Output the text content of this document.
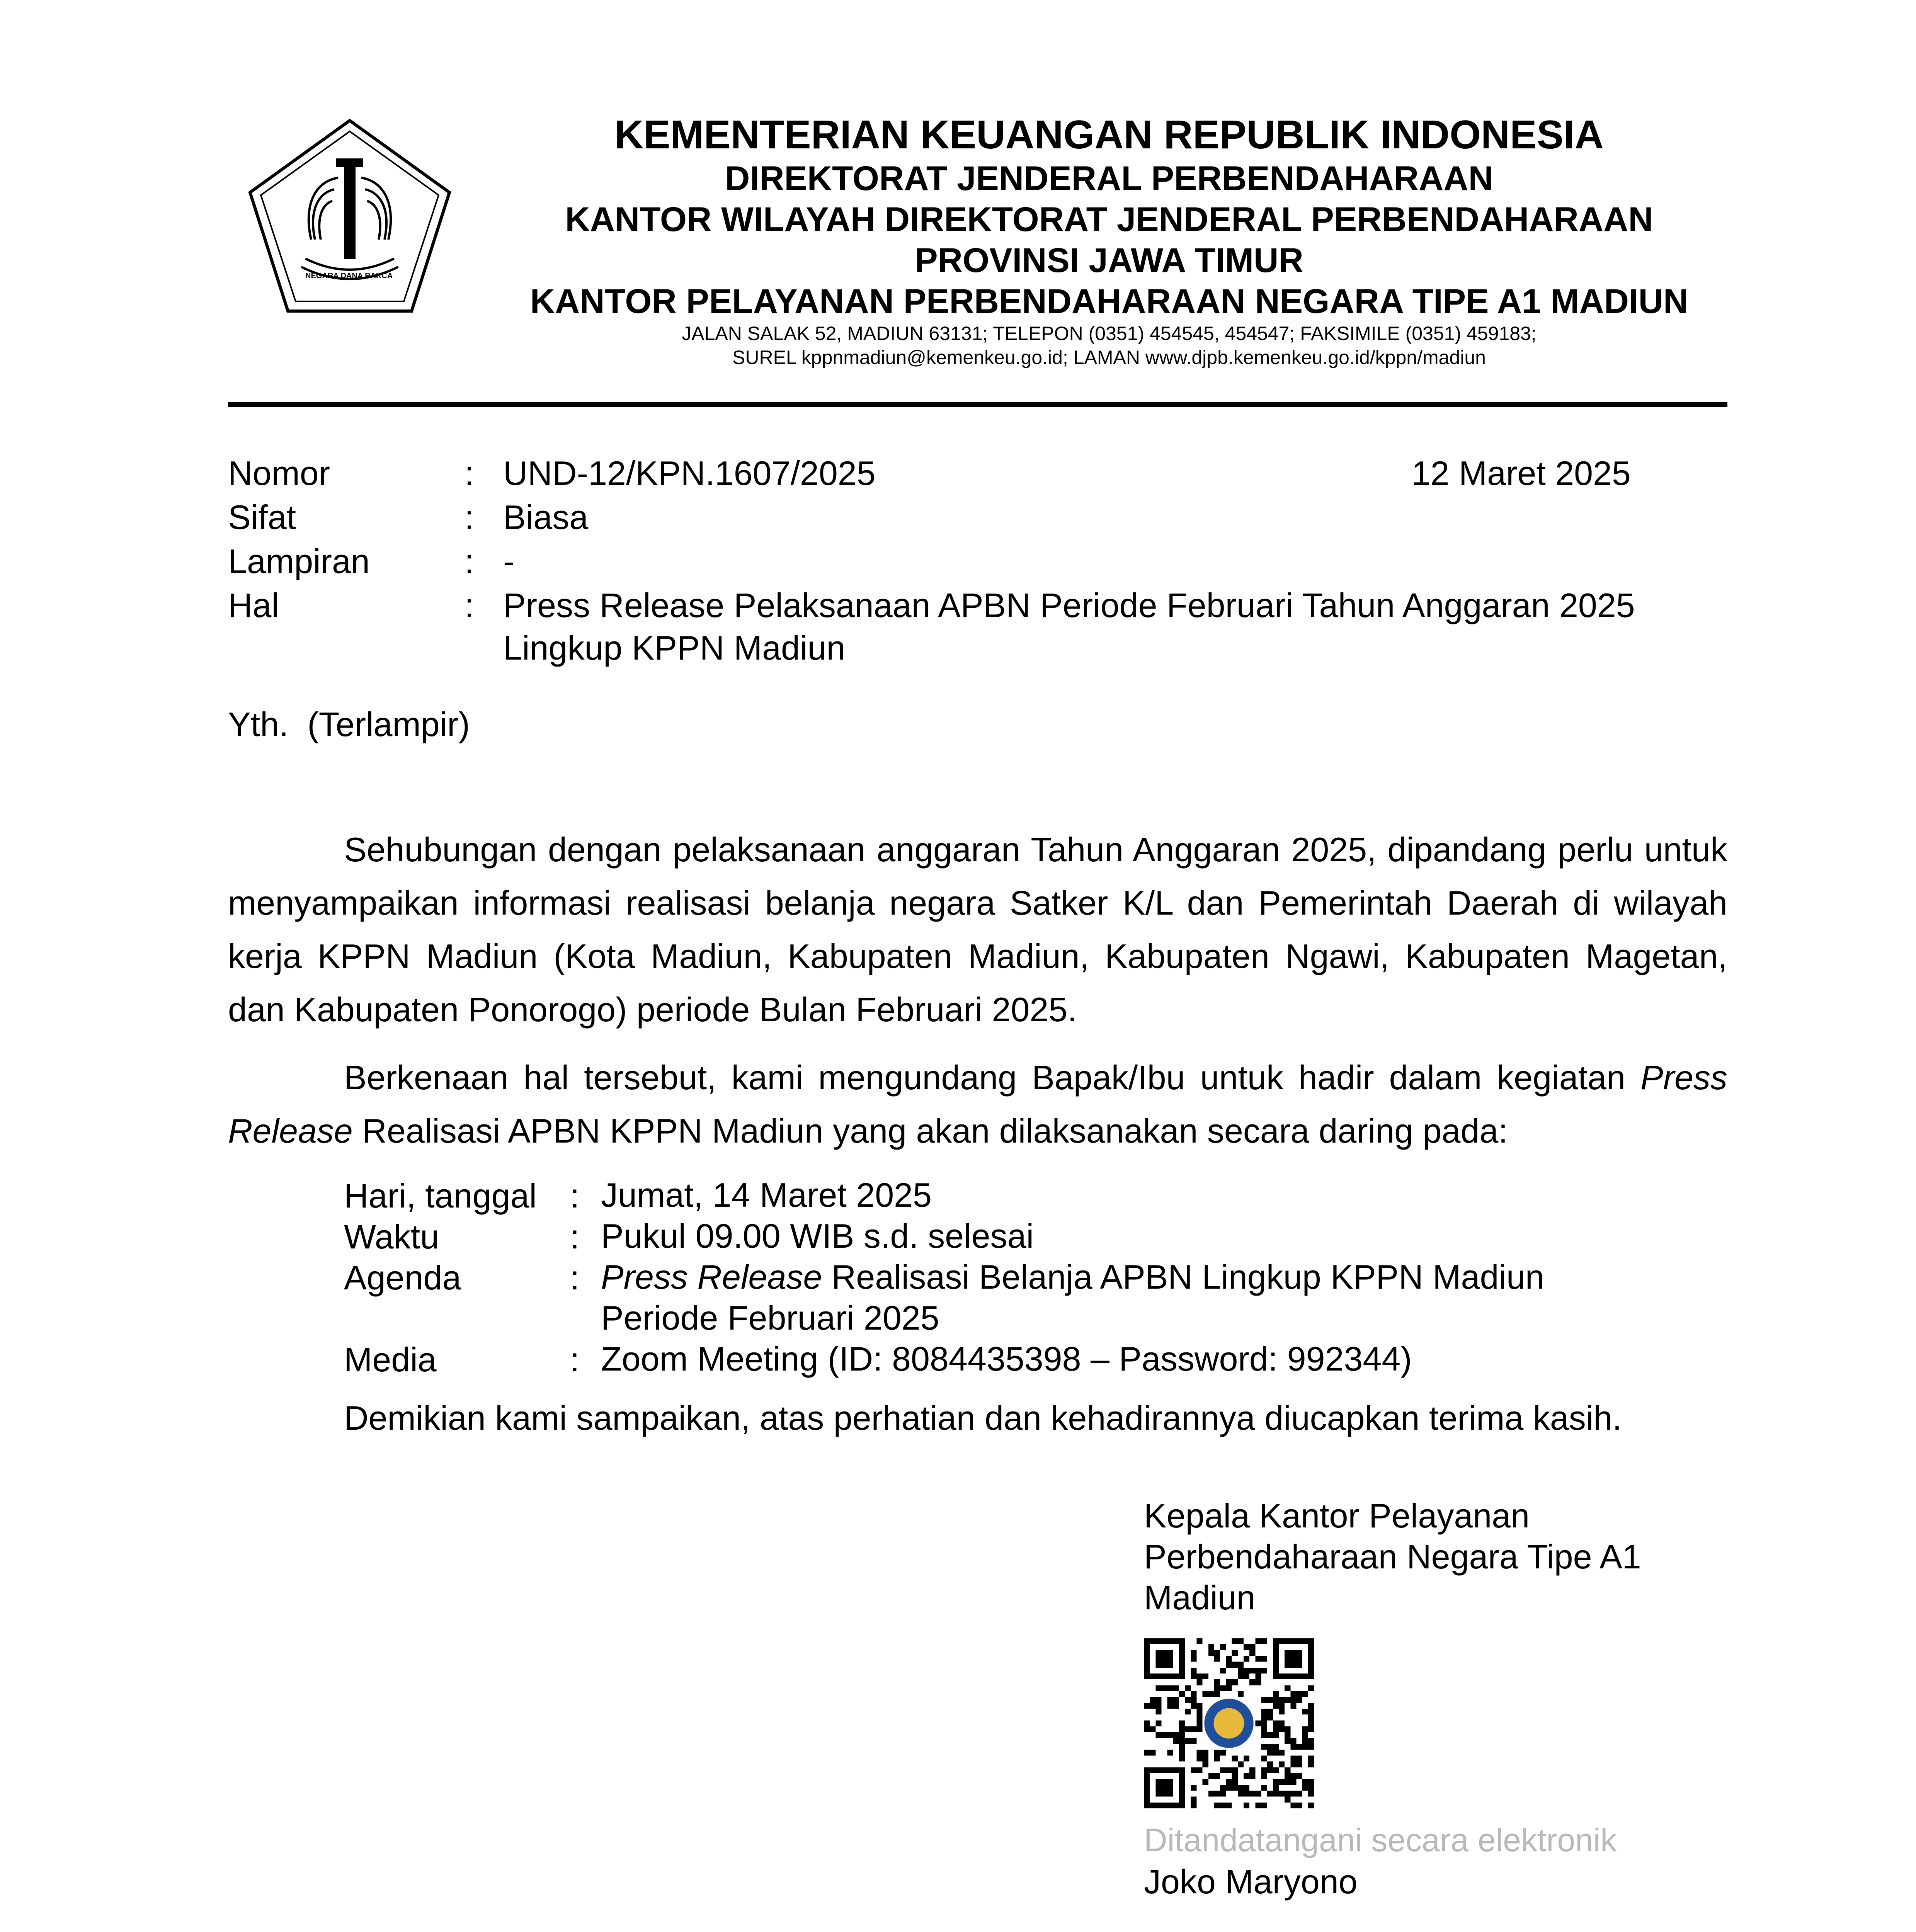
NEGARA DANA RAKCA
KEMENTERIAN KEUANGAN REPUBLIK INDONESIA
DIREKTORAT JENDERAL PERBENDAHARAAN
KANTOR WILAYAH DIREKTORAT JENDERAL PERBENDAHARAAN
PROVINSI JAWA TIMUR
KANTOR PELAYANAN PERBENDAHARAAN NEGARA TIPE A1 MADIUN
JALAN SALAK 52, MADIUN 63131; TELEPON (0351) 454545, 454547; FAKSIMILE (0351) 459183;
SUREL kppnmadiun@kemenkeu.go.id; LAMAN www.djpb.kemenkeu.go.id/kppn/madiun
Nomor	: UND-12/KPN.1607/2025	12 Maret 2025
Sifat	: Biasa
Lampiran	: -
Hal	: Press Release Pelaksanaan APBN Periode Februari Tahun Anggaran 2025
Lingkup KPPN Madiun
Yth.  (Terlampir)
Sehubungan dengan pelaksanaan anggaran Tahun Anggaran 2025, dipandang perlu untuk menyampaikan informasi realisasi belanja negara Satker K/L dan Pemerintah Daerah di wilayah kerja KPPN Madiun (Kota Madiun, Kabupaten Madiun, Kabupaten Ngawi, Kabupaten Magetan, dan Kabupaten Ponorogo) periode Bulan Februari 2025.
Berkenaan hal tersebut, kami mengundang Bapak/Ibu untuk hadir dalam kegiatan Press Release Realisasi APBN KPPN Madiun yang akan dilaksanakan secara daring pada:
Hari, tanggal : Jumat, 14 Maret 2025
Waktu	: Pukul 09.00 WIB s.d. selesai
Agenda	: Press Release Realisasi Belanja APBN Lingkup KPPN Madiun
Periode Februari 2025
Media	: Zoom Meeting (ID: 8084435398 – Password: 992344)
Demikian kami sampaikan, atas perhatian dan kehadirannya diucapkan terima kasih.
Kepala Kantor Pelayanan
Perbendaharaan Negara Tipe A1
Madiun
Ditandatangani secara elektronik
Joko Maryono
